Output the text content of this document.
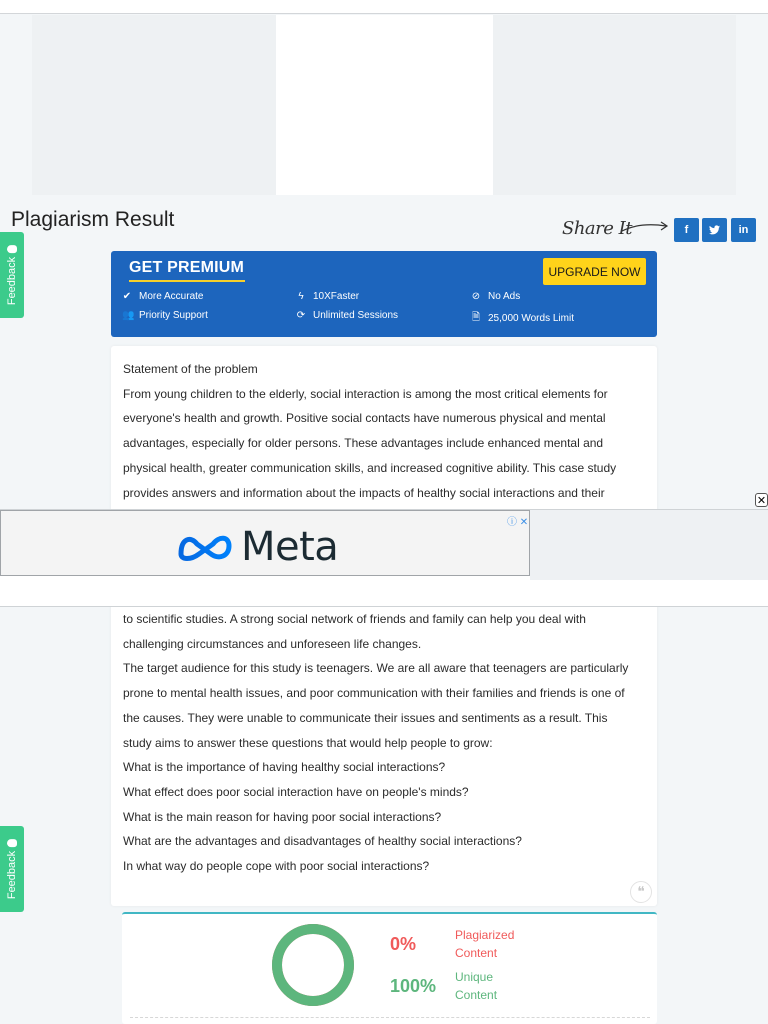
Plagiarism Result
Feedback
Feedback
Share It	f	in
GET PREMIUM	UPGRADE NOW
✔ More Accurate	ϟ 10XFaster	⊘ No Ads
👥 Priority Support	⟳ Unlimited Sessions	🗎 25,000 Words Limit
Statement of the problem
From young children to the elderly, social interaction is among the most critical elements for
everyone's health and growth. Positive social contacts have numerous physical and mental
advantages, especially for older persons. These advantages include enhanced mental and
physical health, greater communication skills, and increased cognitive ability. This case study
provides answers and information about the impacts of healthy social interactions and their
to scientific studies. A strong social network of friends and family can help you deal with
challenging circumstances and unforeseen life changes.
The target audience for this study is teenagers. We are all aware that teenagers are particularly
prone to mental health issues, and poor communication with their families and friends is one of
the causes. They were unable to communicate their issues and sentiments as a result. This
study aims to answer these questions that would help people to grow:
What is the importance of having healthy social interactions?
What effect does poor social interaction have on people's minds?
What is the main reason for having poor social interactions?
What are the advantages and disadvantages of healthy social interactions?
In what way do people cope with poor social interactions?
❝
✕
Meta
ⓘ ✕
0%	Plagiarized
Content
100% Unique
Content
